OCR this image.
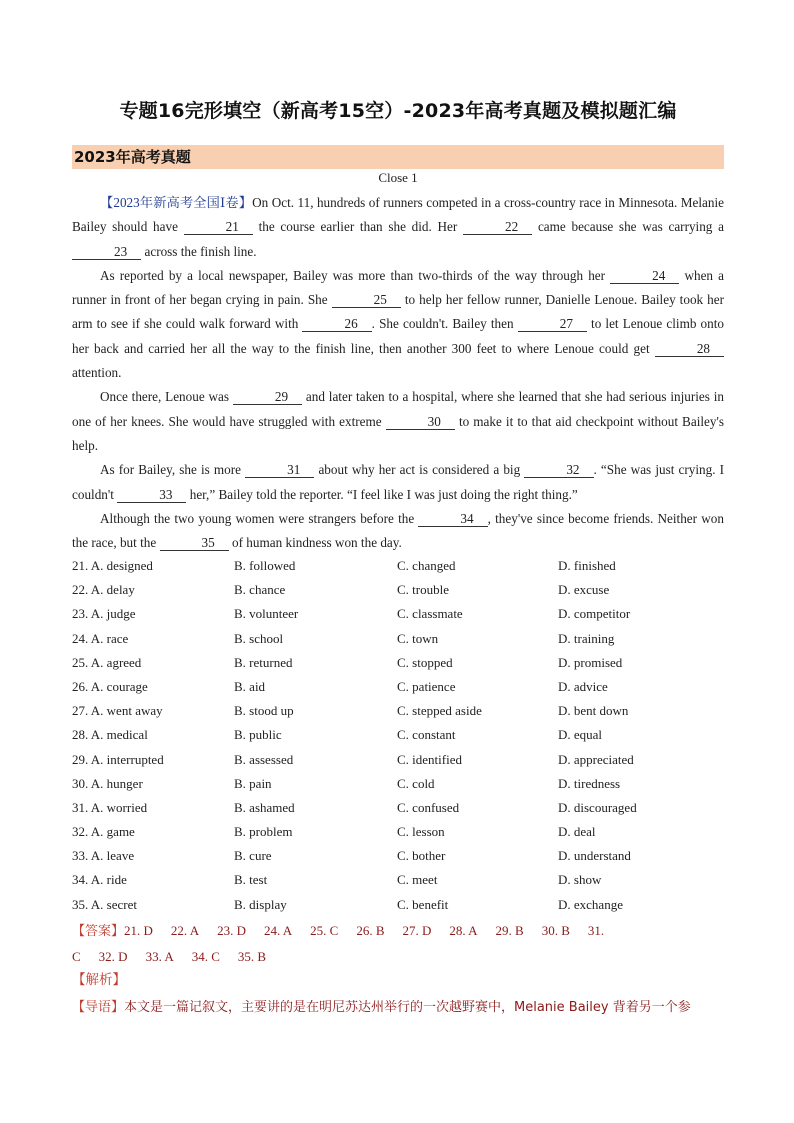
专题16完形填空（新高考15空）-2023年高考真题及模拟题汇编
2023年高考真题
Close 1

【2023年新高考全国Ⅰ卷】On Oct. 11, hundreds of runners competed in a cross-country race in Minnesota. Melanie Bailey should have	21 the course earlier than she did. Her	22 came because she was carrying a 23 across the finish line.

As reported by a local newspaper, Bailey was more than two-thirds of the way through her	24 when a runner in front of her began crying in pain. She	25 to help her fellow runner, Danielle Lenoue. Bailey took her arm to see if she could walk forward with	26 . She couldn't. Bailey then	27 to let Lenoue climb onto her back and carried her all the way to the finish line, then another 300 feet to where Lenoue could get	28 attention.

Once there, Lenoue was	29 and later taken to a hospital, where she learned that she had serious injuries in one of her knees. She would have struggled with extreme	30 to make it to that aid checkpoint without Bailey's help.

As for Bailey, she is more	31 about why her act is considered a big	32 . “She was just crying. I couldn't	33 her,” Bailey told the reporter. “I feel like I was just doing the right thing.”

Although the two young women were strangers before the	34 , they've since become friends. Neither won the race, but the	35 of human kindness won the day.

21. A. designed	B. followed	C. changed	D. finished
22. A. delay	B. chance	C. trouble	D. excuse
23. A. judge	B. volunteer	C. classmate	D. competitor
24. A. race	B. school	C. town	D. training
25. A. agreed	B. returned	C. stopped	D. promised
26. A. courage	B. aid	C. patience	D. advice
27. A. went away	B. stood up	C. stepped aside	D. bent down
28. A. medical	B. public	C. constant	D. equal
29. A. interrupted	B. assessed	C. identified	D. appreciated
30. A. hunger	B. pain	C. cold	D. tiredness
31. A. worried	B. ashamed	C. confused	D. discouraged
32. A. game	B. problem	C. lesson	D. deal
33. A. leave	B. cure	C. bother	D. understand
34. A. ride	B. test	C. meet	D. show
35. A. secret	B. display	C. benefit	D. exchange
【答案】21. D 22. A 23. D 24. A 25. C 26. B 27. D 28. A 29. B 30. B 31.
C 32. D 33. A 34. C 35. B
【解析】
【导语】本文是一篇记叙文，主要讲的是在明尼苏达州举行的一次越野赛中，Melanie Bailey 背着另一个参
